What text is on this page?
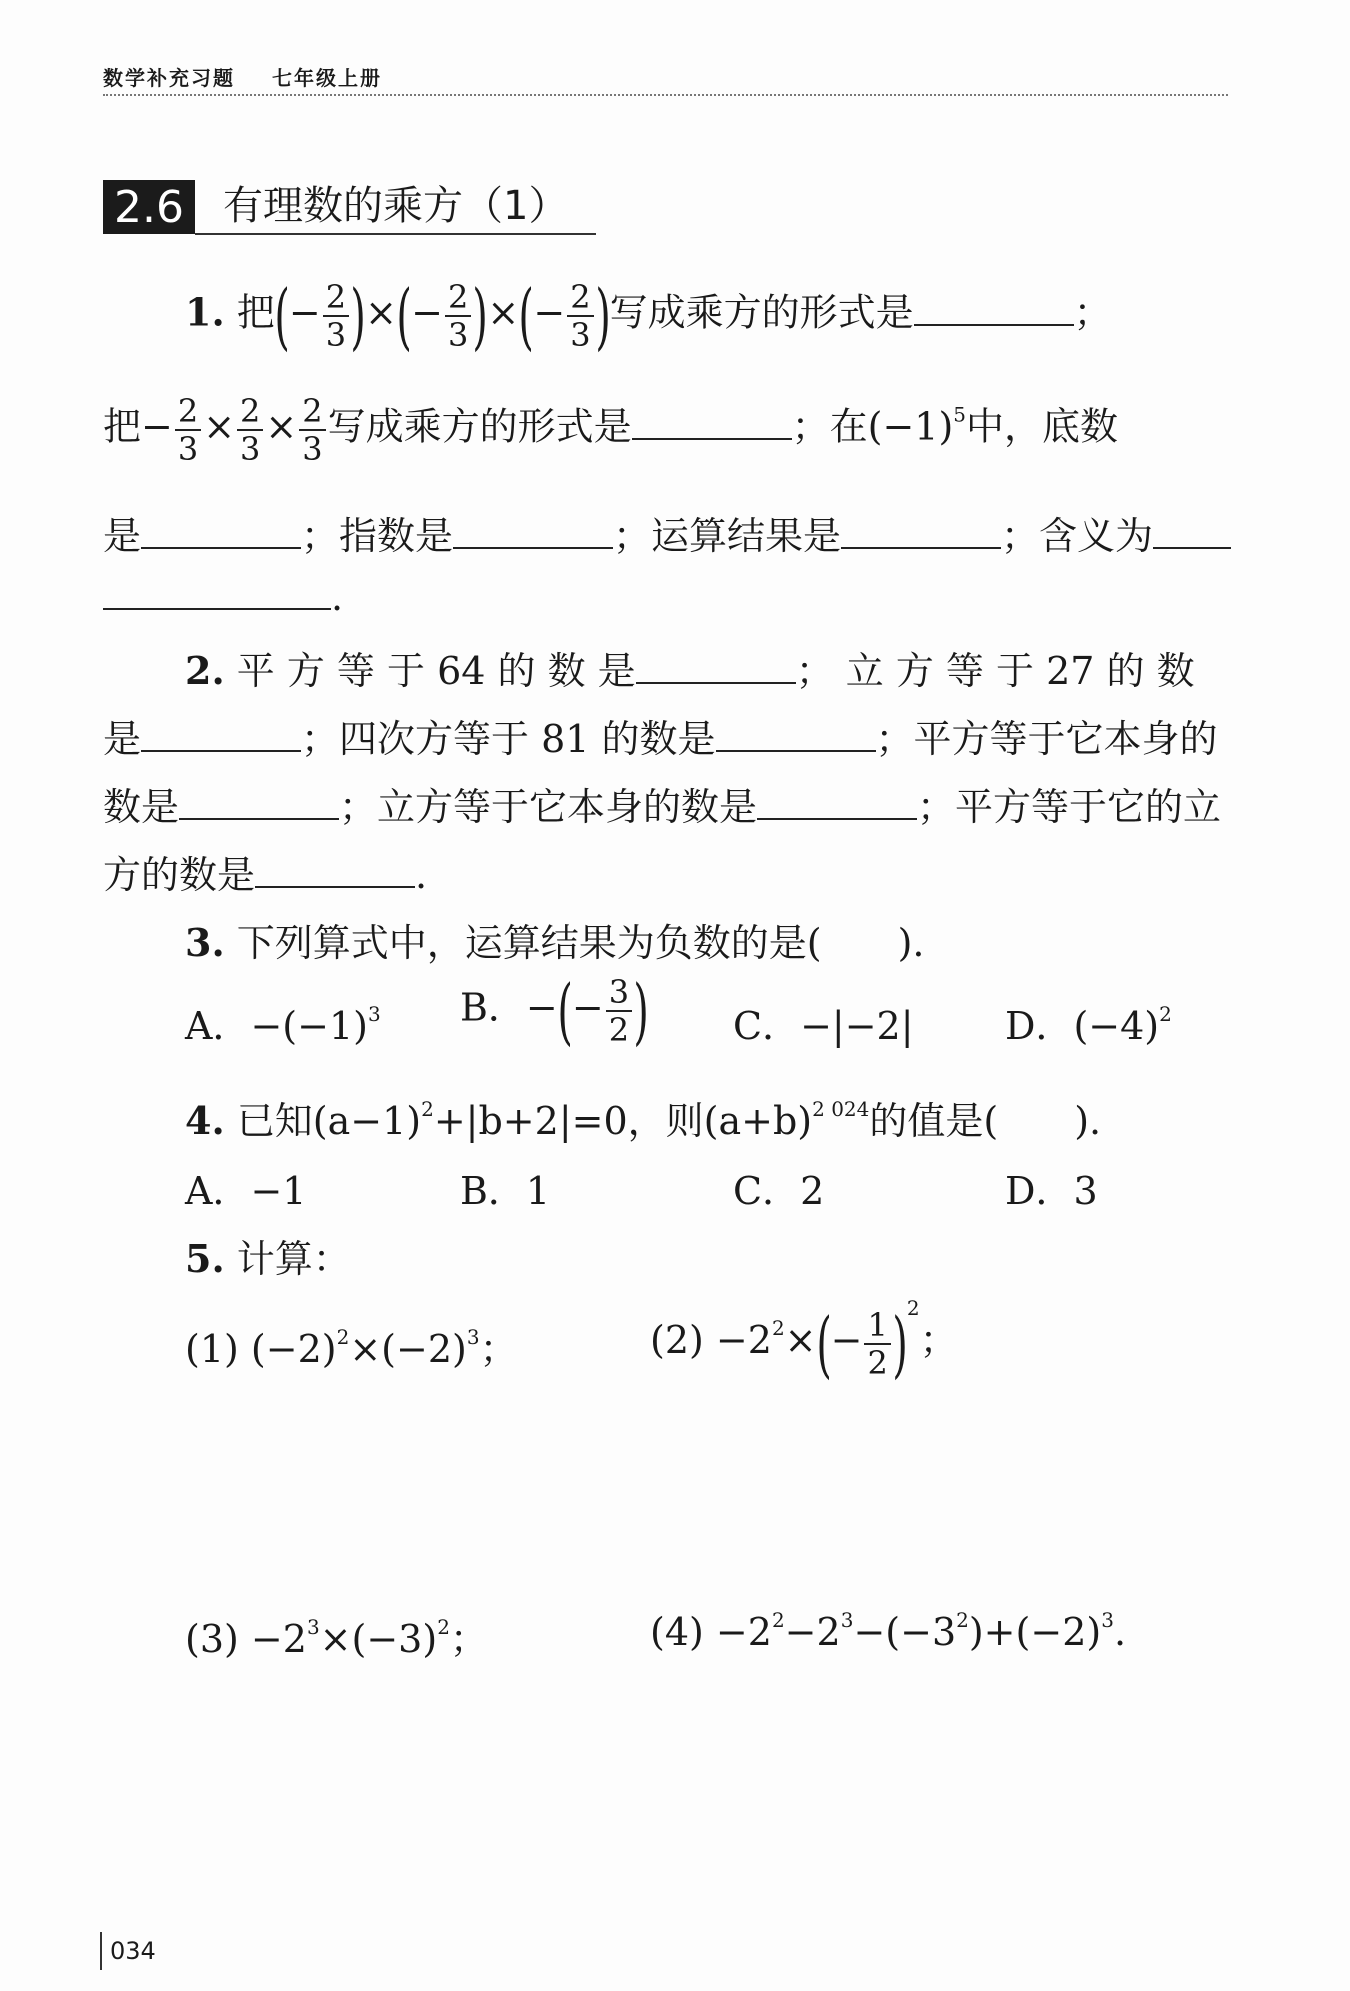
数学补充习题 七年级上册
2.6 有理数的乘方（1）
1. 把(− $\frac{2}{3}$ )×(− $\frac{2}{3}$ )×(− $\frac{2}{3}$ )写成乘方的形式是	；
把− $\frac{2}{3} \times \frac{2}{3} \times \frac{2}{3}$ 写成乘方的形式是	；在$(-1)^5$中，底数
是	；指数是	；运算结果是	；含义为
.
2. 平 方 等 于 64 的 数 是	； 立 方 等 于 27 的 数
是	；四次方等于 81 的数是	；平方等于它本身的
数是	；立方等于它本身的数是	；平方等于它的立
方的数是	.
3. 下列算式中，运算结果为负数的是(　　).
A．$-(-1)^3$ B．−(− $\frac{3}{2}$ ) C．−|−2| D．$(-4)^2$
4. 已知$(a-1)^2+|b+2|=0$，则$(a+b)^{2 024}$的值是(　　).
A．−1	B．1	C．2	D．3
5. 计算：
(1) $(-2)^2\times(-2)^3$；	$(2) -2^2\times(- \frac{1}{2} )^2$；
$(3) -2^3\times(-3)^2$；	$(4) -2^2-2^3-(-3^2)+(-2)^3$.
034
